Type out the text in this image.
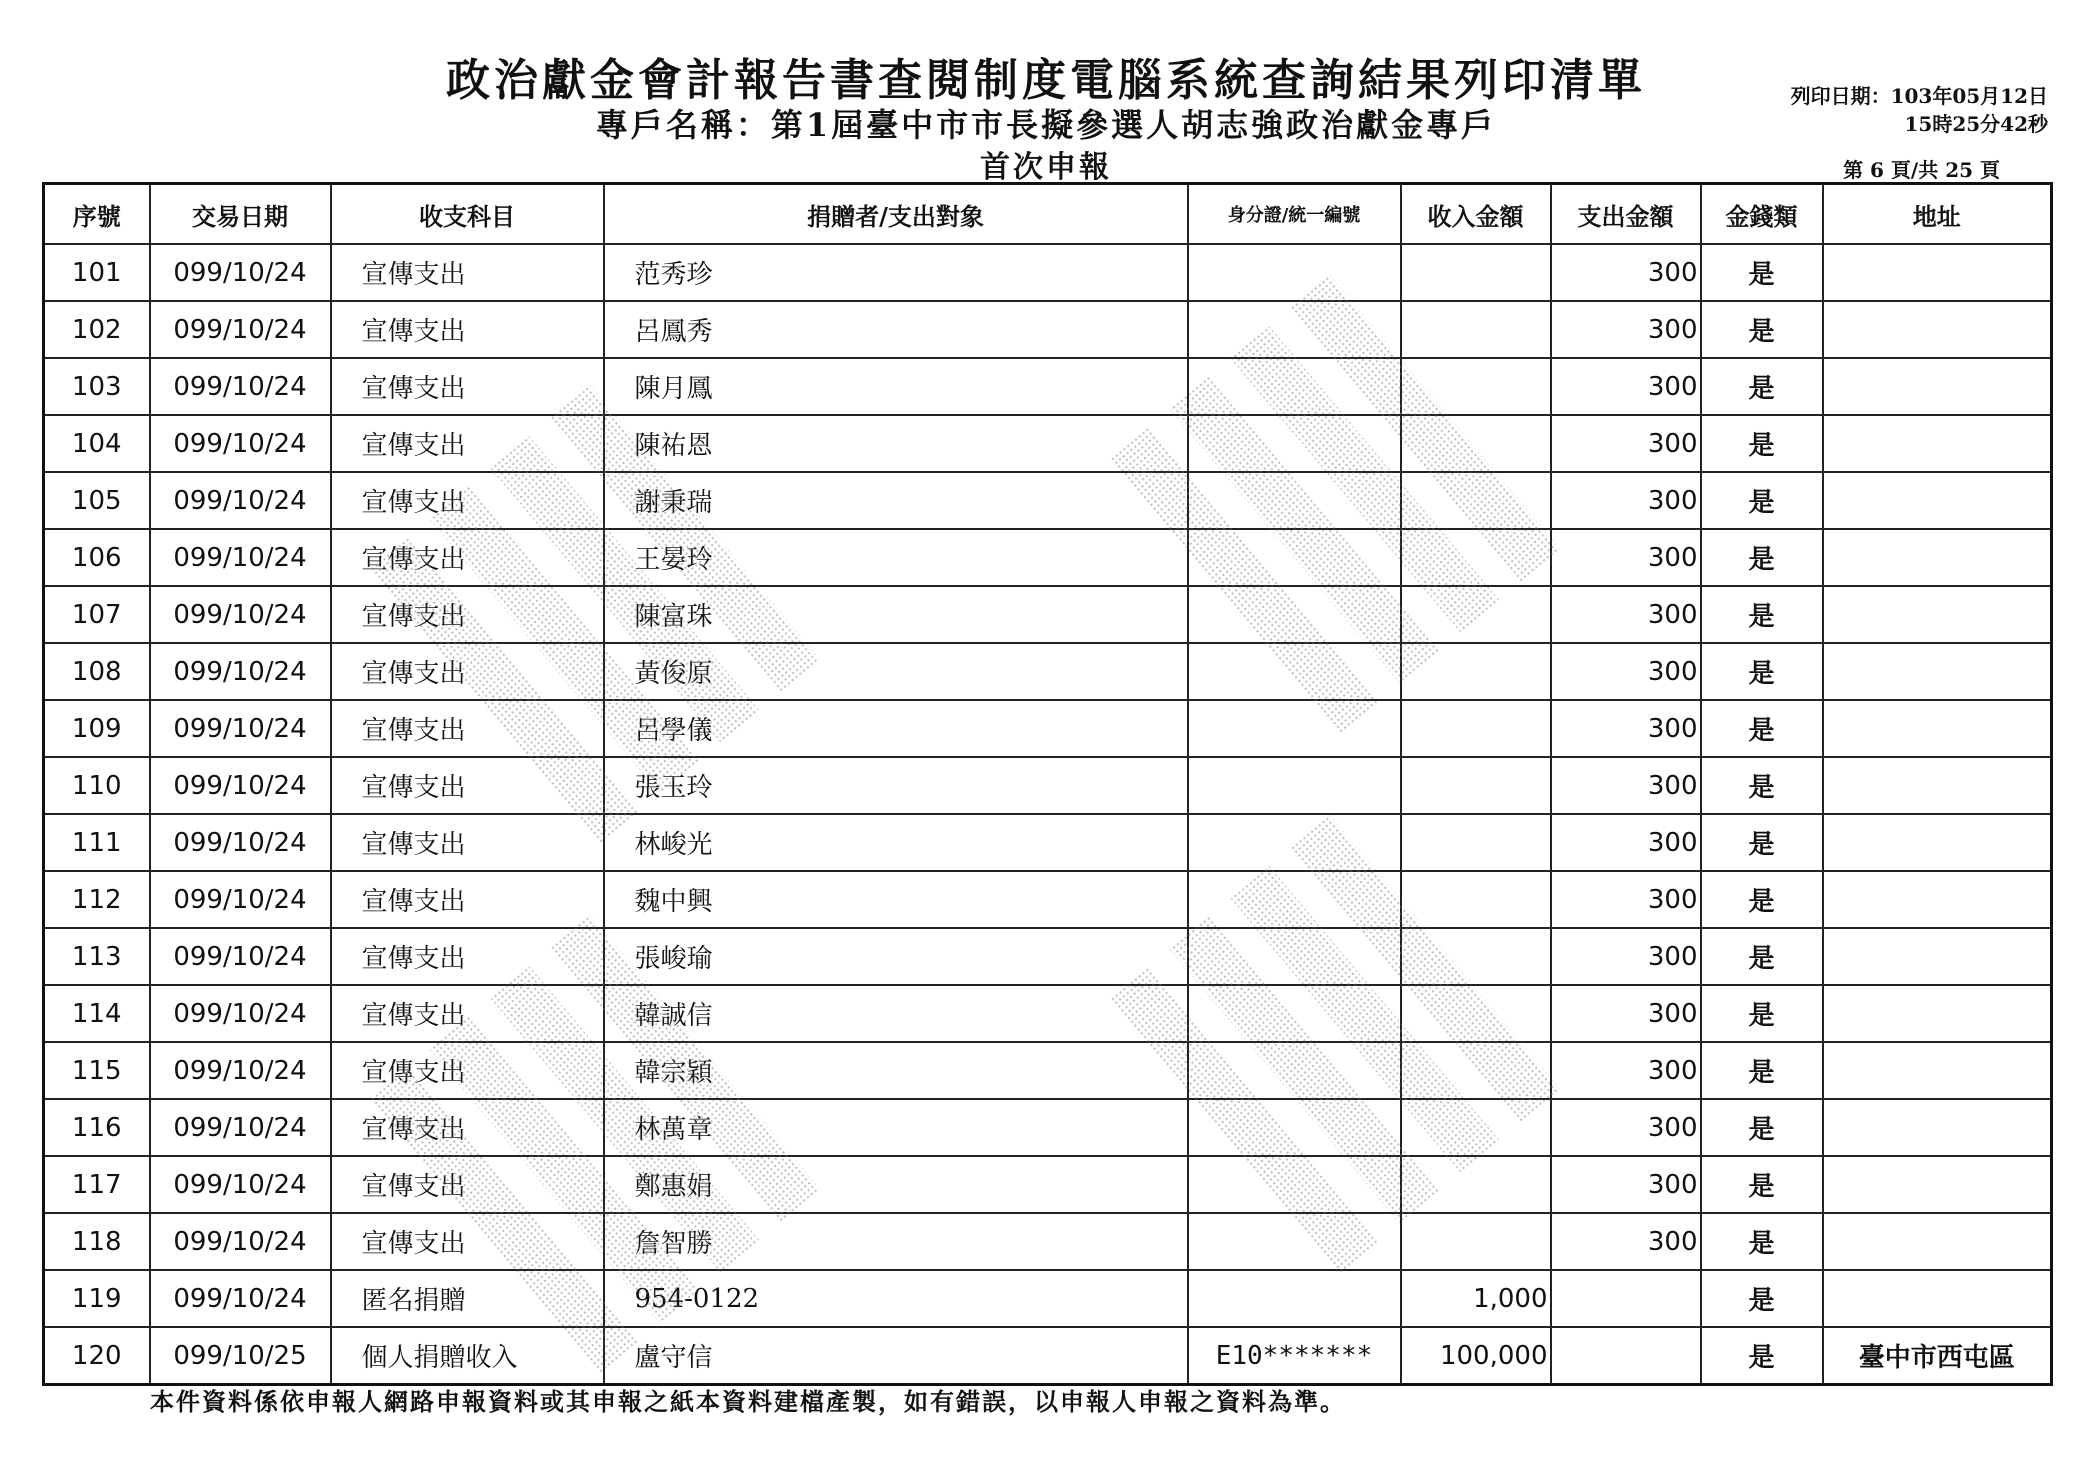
政治獻金會計報告書查閱制度電腦系統查詢結果列印清單
專戶名稱：第1屆臺中市市長擬參選人胡志強政治獻金專戶
首次申報
列印日期：103年05月12日
15時25分42秒
第 6 頁/共 25 頁
序號	交易日期	收支科目	捐贈者/支出對象	身分證/統一編號	收入金額	支出金額	金錢類	地址
101	099/10/24	宣傳支出	范秀珍			300	是	
102	099/10/24	宣傳支出	呂鳳秀			300	是	
103	099/10/24	宣傳支出	陳月鳳			300	是	
104	099/10/24	宣傳支出	陳祐恩			300	是	
105	099/10/24	宣傳支出	謝秉瑞			300	是	
106	099/10/24	宣傳支出	王晏玲			300	是	
107	099/10/24	宣傳支出	陳富珠			300	是	
108	099/10/24	宣傳支出	黃俊原			300	是	
109	099/10/24	宣傳支出	呂學儀			300	是	
110	099/10/24	宣傳支出	張玉玲			300	是	
111	099/10/24	宣傳支出	林峻光			300	是	
112	099/10/24	宣傳支出	魏中興			300	是	
113	099/10/24	宣傳支出	張峻瑜			300	是	
114	099/10/24	宣傳支出	韓誠信			300	是	
115	099/10/24	宣傳支出	韓宗穎			300	是	
116	099/10/24	宣傳支出	林萬章			300	是	
117	099/10/24	宣傳支出	鄭惠娟			300	是	
118	099/10/24	宣傳支出	詹智勝			300	是	
119	099/10/24	匿名捐贈	954-0122		1,000		是	
120	099/10/25	個人捐贈收入	盧守信	E10*******	100,000		是	臺中市西屯區
本件資料係依申報人網路申報資料或其申報之紙本資料建檔產製，如有錯誤，以申報人申報之資料為準。
